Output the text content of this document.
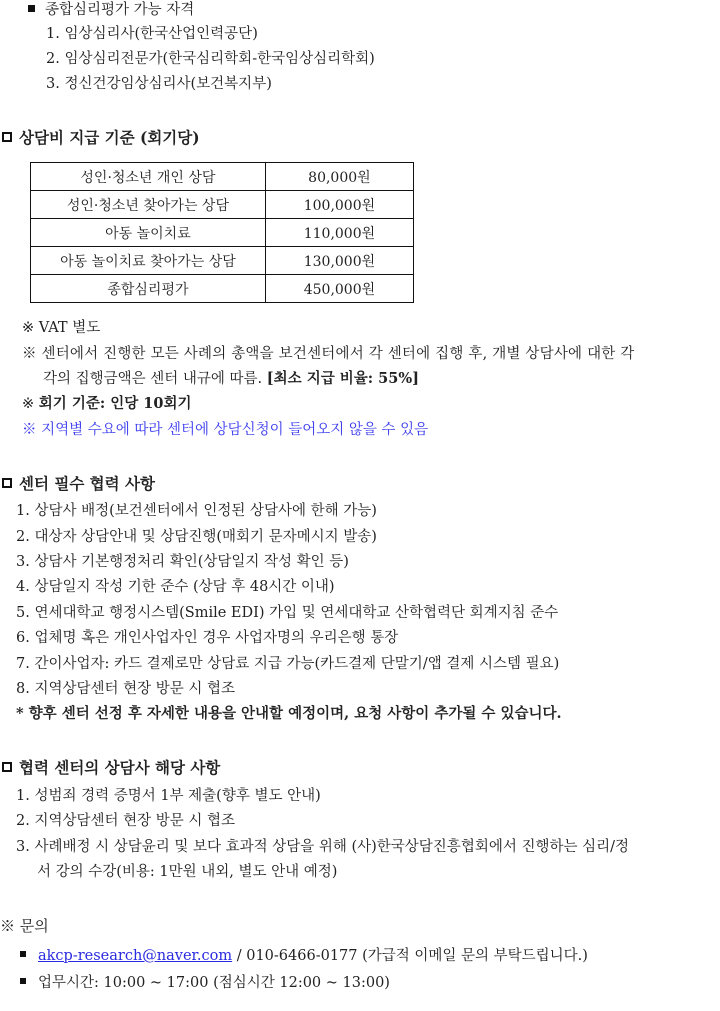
종합심리평가 가능 자격
1. 임상심리사(한국산업인력공단)
2. 임상심리전문가(한국심리학회-한국임상심리학회)
3. 정신건강임상심리사(보건복지부)
상담비 지급 기준 (회기당)
성인·청소년 개인 상담	80,000원
성인·청소년 찾아가는 상담	100,000원
아동 놀이치료	110,000원
아동 놀이치료 찾아가는 상담	130,000원
종합심리평가	450,000원
※ VAT 별도
※ 센터에서 진행한 모든 사례의 총액을 보건센터에서 각 센터에 집행 후, 개별 상담사에 대한 각
각의 집행금액은 센터 내규에 따름. [최소 지급 비율: 55%]
※ 회기 기준: 인당 10회기
※ 지역별 수요에 따라 센터에 상담신청이 들어오지 않을 수 있음
센터 필수 협력 사항
1. 상담사 배정(보건센터에서 인정된 상담사에 한해 가능)
2. 대상자 상담안내 및 상담진행(매회기 문자메시지 발송)
3. 상담사 기본행정처리 확인(상담일지 작성 확인 등)
4. 상담일지 작성 기한 준수 (상담 후 48시간 이내)
5. 연세대학교 행정시스템(Smile EDI) 가입 및 연세대학교 산학협력단 회계지침 준수
6. 업체명 혹은 개인사업자인 경우 사업자명의 우리은행 통장
7. 간이사업자: 카드 결제로만 상담료 지급 가능(카드결제 단말기/앱 결제 시스템 필요)
8. 지역상담센터 현장 방문 시 협조
* 향후 센터 선정 후 자세한 내용을 안내할 예정이며, 요청 사항이 추가될 수 있습니다.
협력 센터의 상담사 해당 사항
1. 성범죄 경력 증명서 1부 제출(향후 별도 안내)
2. 지역상담센터 현장 방문 시 협조
3. 사례배정 시 상담윤리 및 보다 효과적 상담을 위해 (사)한국상담진흥협회에서 진행하는 심리/정
서 강의 수강(비용: 1만원 내외, 별도 안내 예정)
※ 문의
akcp-research@naver.com / 010-6466-0177 (가급적 이메일 문의 부탁드립니다.)
업무시간: 10:00 ~ 17:00 (점심시간 12:00 ~ 13:00)
